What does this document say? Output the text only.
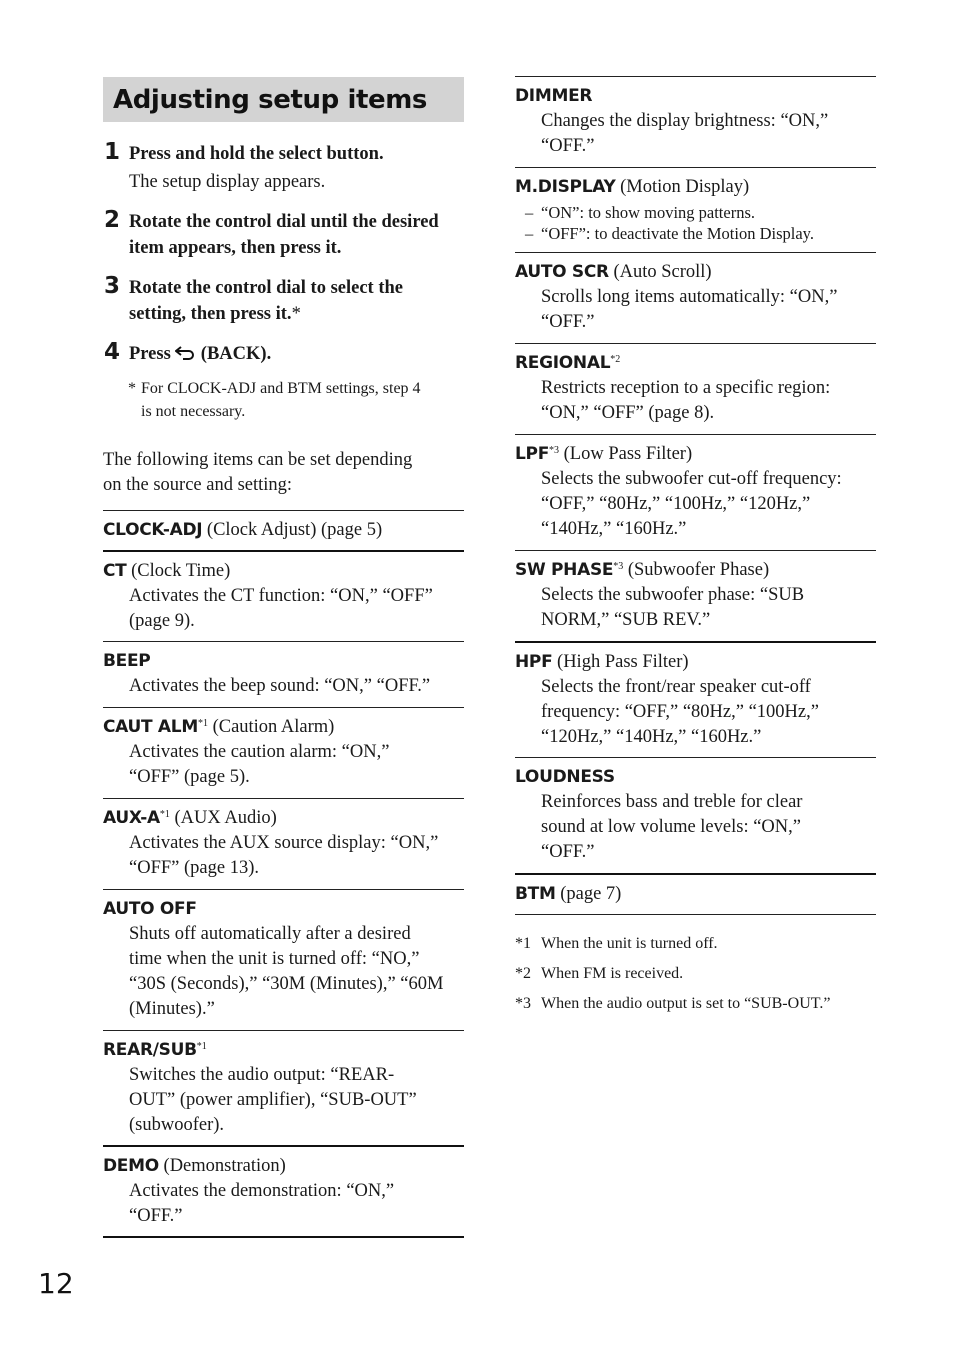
Adjusting setup items
1 Press and hold the select button.
The setup display appears.
2 Rotate the control dial until the desired
item appears, then press it.
3 Rotate the control dial to select the
setting, then press it.*
4 Press (BACK).
* For CLOCK-ADJ and BTM settings, step 4
is not necessary.
The following items can be set depending
on the source and setting:
CLOCK-ADJ (Clock Adjust) (page 5)
CT (Clock Time)
Activates the CT function: “ON,” “OFF”
(page 9).
BEEP
Activates the beep sound: “ON,” “OFF.”
CAUT ALM$^{*1}$ (Caution Alarm)
Activates the caution alarm: “ON,”
“OFF” (page 5).
AUX-$A^{*1}$ (AUX Audio)
Activates the AUX source display: “ON,”
“OFF” (page 13).
AUTO OFF
Shuts off automatically after a desired
time when the unit is turned off: “NO,”
“30S (Seconds),” “30M (Minutes),” “60M
(Minutes).”
REAR/SUB$^{*1}$
Switches the audio output: “REAR-
OUT” (power amplifier), “SUB-OUT”
(subwoofer).
DEMO (Demonstration)
Activates the demonstration: “ON,”
“OFF.”
DIMMER
Changes the display brightness: “ON,”
“OFF.”
M.DISPLAY (Motion Display)
– “ON”: to show moving patterns.
– “OFF”: to deactivate the Motion Display.
AUTO SCR (Auto Scroll)
Scrolls long items automatically: “ON,”
“OFF.”
REGIONAL$^{*2}$
Restricts reception to a specific region:
“ON,” “OFF” (page 8).
LPF$^{*3}$ (Low Pass Filter)
Selects the subwoofer cut-off frequency:
“OFF,” “80Hz,” “100Hz,” “120Hz,”
“140Hz,” “160Hz.”
SW PHASE$^{*3}$ (Subwoofer Phase)
Selects the subwoofer phase: “SUB
NORM,” “SUB REV.”
HPF (High Pass Filter)
Selects the front/rear speaker cut-off
frequency: “OFF,” “80Hz,” “100Hz,”
“120Hz,” “140Hz,” “160Hz.”
LOUDNESS
Reinforces bass and treble for clear
sound at low volume levels: “ON,”
“OFF.”
BTM (page 7)
*1 When the unit is turned off.
*2 When FM is received.
*3 When the audio output is set to “SUB-OUT.”
12
